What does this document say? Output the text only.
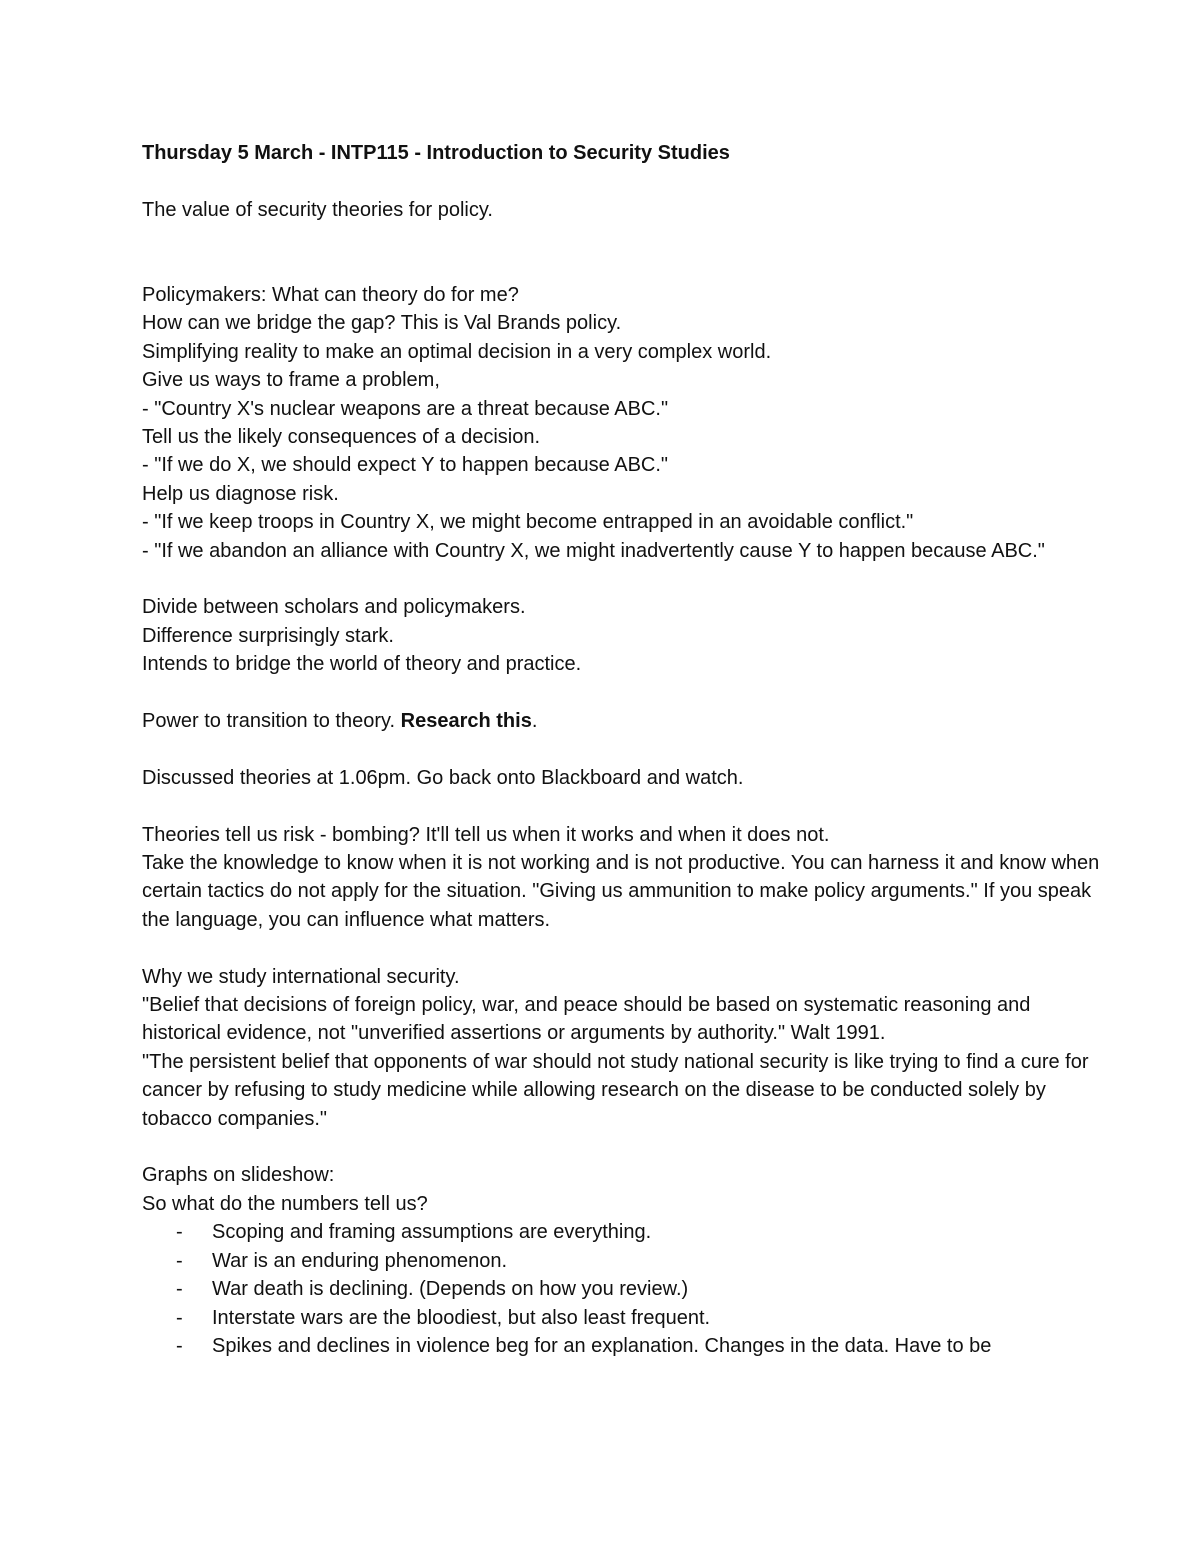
Thursday 5 March - INTP115 - Introduction to Security Studies

The value of security theories for policy.

Policymakers: What can theory do for me?

How can we bridge the gap? This is Val Brands policy.

Simplifying reality to make an optimal decision in a very complex world.

Give us ways to frame a problem,

- "Country X's nuclear weapons are a threat because ABC."

Tell us the likely consequences of a decision.

- "If we do X, we should expect Y to happen because ABC."

Help us diagnose risk.

- "If we keep troops in Country X, we might become entrapped in an avoidable conflict."

- "If we abandon an alliance with Country X, we might inadvertently cause Y to happen because ABC."

Divide between scholars and policymakers.

Difference surprisingly stark.

Intends to bridge the world of theory and practice.

Power to transition to theory. Research this.

Discussed theories at 1.06pm. Go back onto Blackboard and watch.

Theories tell us risk - bombing? It'll tell us when it works and when it does not.

Take the knowledge to know when it is not working and is not productive. You can harness it and know when certain tactics do not apply for the situation. "Giving us ammunition to make policy arguments." If you speak the language, you can influence what matters.

Why we study international security.

"Belief that decisions of foreign policy, war, and peace should be based on systematic reasoning and historical evidence, not "unverified assertions or arguments by authority." Walt 1991.

"The persistent belief that opponents of war should not study national security is like trying to find a cure for cancer by refusing to study medicine while allowing research on the disease to be conducted solely by tobacco companies."

Graphs on slideshow:

So what do the numbers tell us?

- Scoping and framing assumptions are everything.
- War is an enduring phenomenon.
- War death is declining. (Depends on how you review.)
- Interstate wars are the bloodiest, but also least frequent.
- Spikes and declines in violence beg for an explanation. Changes in the data. Have to be
